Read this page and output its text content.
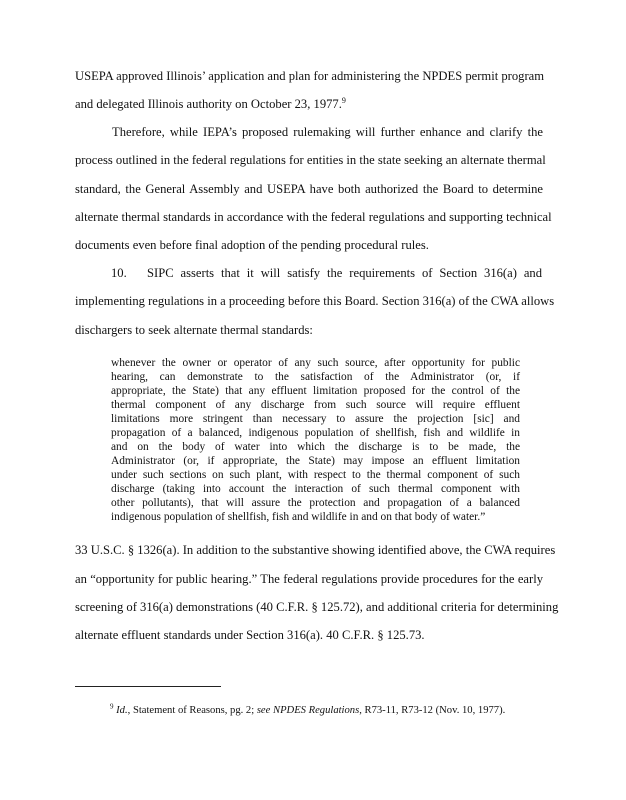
USEPA approved Illinois’ application and plan for administering the NPDES permit program
and delegated Illinois authority on October 23, 1977.$^9$
Therefore, while IEPA’s proposed rulemaking will further enhance and clarify the
process outlined in the federal regulations for entities in the state seeking an alternate thermal
standard, the General Assembly and USEPA have both authorized the Board to determine
alternate thermal standards in accordance with the federal regulations and supporting technical
documents even before final adoption of the pending procedural rules.
10. SIPC asserts that it will satisfy the requirements of Section 316(a) and
implementing regulations in a proceeding before this Board. Section 316(a) of the CWA allows
dischargers to seek alternate thermal standards:
whenever the owner or operator of any such source, after opportunity for public
hearing, can demonstrate to the satisfaction of the Administrator (or, if
appropriate, the State) that any effluent limitation proposed for the control of the
thermal component of any discharge from such source will require effluent
limitations more stringent than necessary to assure the projection [sic] and
propagation of a balanced, indigenous population of shellfish, fish and wildlife in
and on the body of water into which the discharge is to be made, the
Administrator (or, if appropriate, the State) may impose an effluent limitation
under such sections on such plant, with respect to the thermal component of such
discharge (taking into account the interaction of such thermal component with
other pollutants), that will assure the protection and propagation of a balanced
indigenous population of shellfish, fish and wildlife in and on that body of water.”
33 U.S.C. § 1326(a). In addition to the substantive showing identified above, the CWA requires
an “opportunity for public hearing.” The federal regulations provide procedures for the early
screening of 316(a) demonstrations (40 C.F.R. § 125.72), and additional criteria for determining
alternate effluent standards under Section 316(a). 40 C.F.R. § 125.73.
$^9$ Id., Statement of Reasons, pg. 2; see NPDES Regulations, R73-11, R73-12 (Nov. 10, 1977).
